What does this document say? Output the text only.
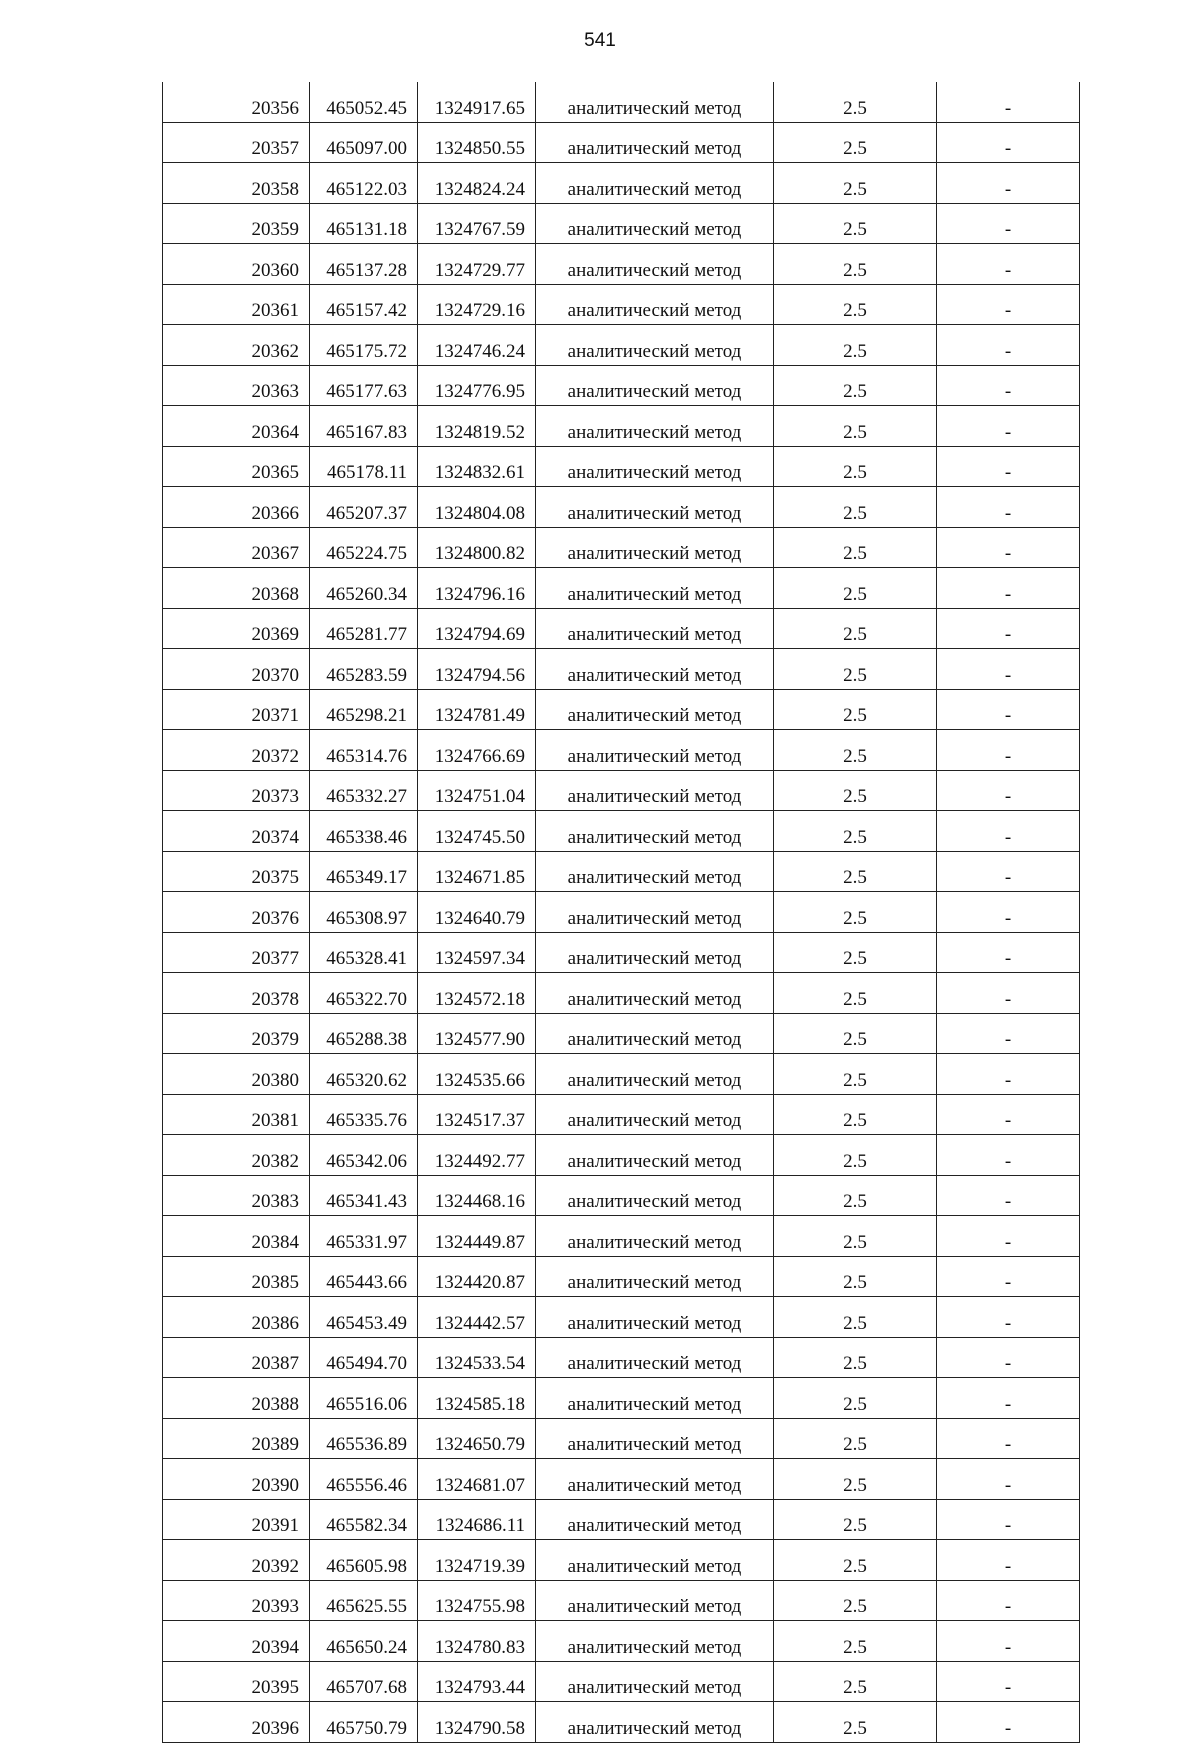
541
20356	465052.45	1324917.65	аналитический метод	2.5	-
20357	465097.00	1324850.55	аналитический метод	2.5	-
20358	465122.03	1324824.24	аналитический метод	2.5	-
20359	465131.18	1324767.59	аналитический метод	2.5	-
20360	465137.28	1324729.77	аналитический метод	2.5	-
20361	465157.42	1324729.16	аналитический метод	2.5	-
20362	465175.72	1324746.24	аналитический метод	2.5	-
20363	465177.63	1324776.95	аналитический метод	2.5	-
20364	465167.83	1324819.52	аналитический метод	2.5	-
20365	465178.11	1324832.61	аналитический метод	2.5	-
20366	465207.37	1324804.08	аналитический метод	2.5	-
20367	465224.75	1324800.82	аналитический метод	2.5	-
20368	465260.34	1324796.16	аналитический метод	2.5	-
20369	465281.77	1324794.69	аналитический метод	2.5	-
20370	465283.59	1324794.56	аналитический метод	2.5	-
20371	465298.21	1324781.49	аналитический метод	2.5	-
20372	465314.76	1324766.69	аналитический метод	2.5	-
20373	465332.27	1324751.04	аналитический метод	2.5	-
20374	465338.46	1324745.50	аналитический метод	2.5	-
20375	465349.17	1324671.85	аналитический метод	2.5	-
20376	465308.97	1324640.79	аналитический метод	2.5	-
20377	465328.41	1324597.34	аналитический метод	2.5	-
20378	465322.70	1324572.18	аналитический метод	2.5	-
20379	465288.38	1324577.90	аналитический метод	2.5	-
20380	465320.62	1324535.66	аналитический метод	2.5	-
20381	465335.76	1324517.37	аналитический метод	2.5	-
20382	465342.06	1324492.77	аналитический метод	2.5	-
20383	465341.43	1324468.16	аналитический метод	2.5	-
20384	465331.97	1324449.87	аналитический метод	2.5	-
20385	465443.66	1324420.87	аналитический метод	2.5	-
20386	465453.49	1324442.57	аналитический метод	2.5	-
20387	465494.70	1324533.54	аналитический метод	2.5	-
20388	465516.06	1324585.18	аналитический метод	2.5	-
20389	465536.89	1324650.79	аналитический метод	2.5	-
20390	465556.46	1324681.07	аналитический метод	2.5	-
20391	465582.34	1324686.11	аналитический метод	2.5	-
20392	465605.98	1324719.39	аналитический метод	2.5	-
20393	465625.55	1324755.98	аналитический метод	2.5	-
20394	465650.24	1324780.83	аналитический метод	2.5	-
20395	465707.68	1324793.44	аналитический метод	2.5	-
20396	465750.79	1324790.58	аналитический метод	2.5	-
